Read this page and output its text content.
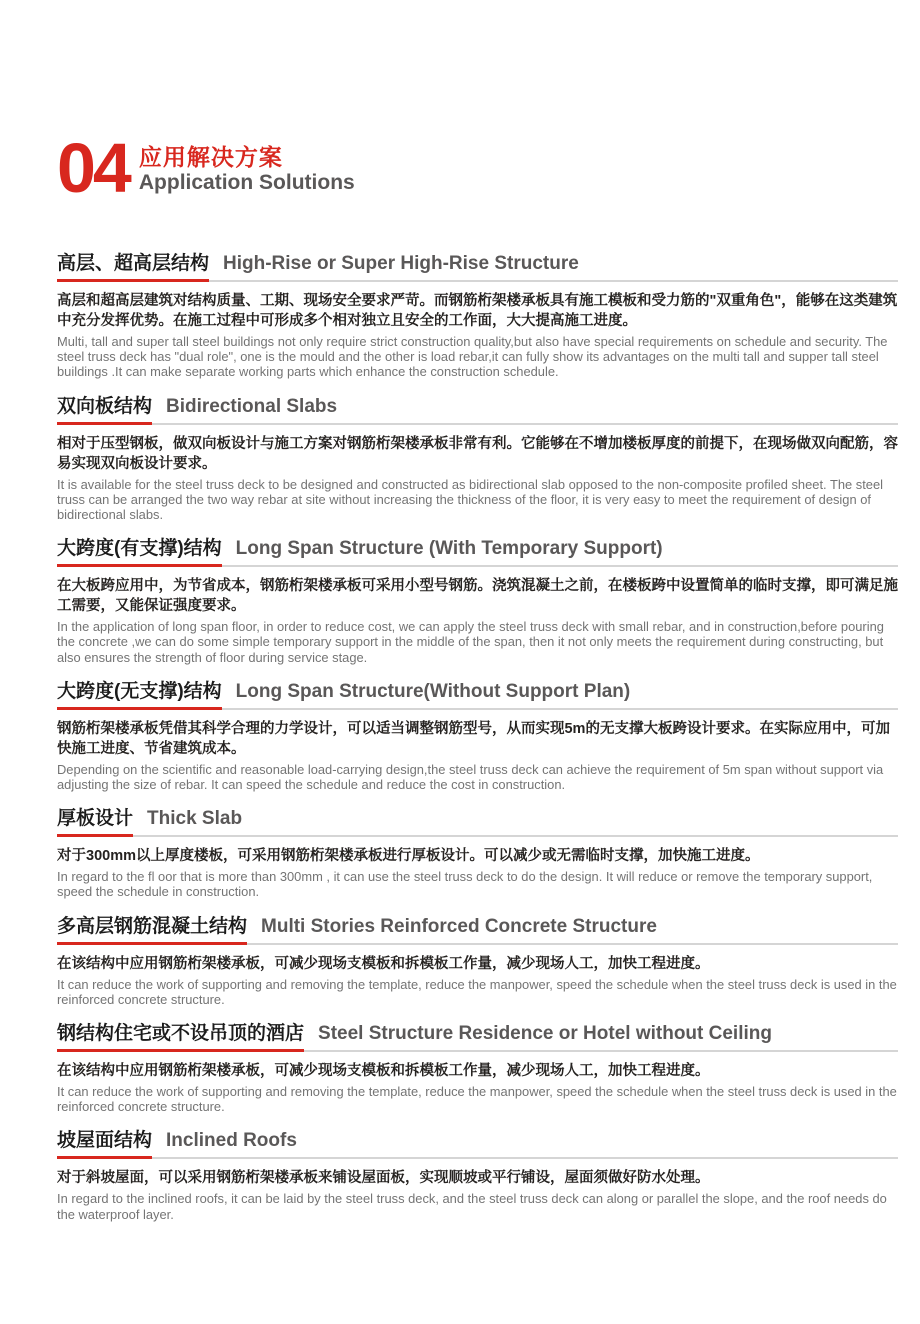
04 应用解决方案
Application Solutions
高层、超高层结构 High-Rise or Super High-Rise Structure

高层和超高层建筑对结构质量、工期、现场安全要求严苛。而钢筋桁架楼承板具有施工模板和受力筋的"双重角色"，能够在这类建筑中充分发挥优势。在施工过程中可形成多个相对独立且安全的工作面，大大提高施工进度。

Multi, tall and super tall steel buildings not only require strict construction quality,but also have special requirements on schedule and security. The steel truss deck has "dual role", one is the mould and the other is load rebar,it can fully show its advantages on the multi tall and supper tall steel buildings .It can make separate working parts which enhance the construction schedule.

双向板结构 Bidirectional Slabs

相对于压型钢板，做双向板设计与施工方案对钢筋桁架楼承板非常有利。它能够在不增加楼板厚度的前提下，在现场做双向配筋，容易实现双向板设计要求。

It is available for the steel truss deck to be designed and constructed as bidirectional slab opposed to the non-composite profiled sheet. The steel truss can be arranged the two way rebar at site without increasing the thickness of the floor, it is very easy to meet the requirement of design of bidirectional slabs.

大跨度(有支撑)结构 Long Span Structure (With Temporary Support)

在大板跨应用中，为节省成本，钢筋桁架楼承板可采用小型号钢筋。浇筑混凝土之前，在楼板跨中设置简单的临时支撑，即可满足施工需要，又能保证强度要求。

In the application of long span floor, in order to reduce cost, we can apply the steel truss deck with small rebar, and in construction,before pouring the concrete ,we can do some simple temporary support in the middle of the span, then it not only meets the requirement during constructing, but also ensures the strength of floor during service stage.

大跨度(无支撑)结构 Long Span Structure(Without Support Plan)

钢筋桁架楼承板凭借其科学合理的力学设计，可以适当调整钢筋型号，从而实现5m的无支撑大板跨设计要求。在实际应用中，可加快施工进度、节省建筑成本。

Depending on the scientific and reasonable load-carrying design,the steel truss deck can achieve the requirement of 5m span without support via adjusting the size of rebar. It can speed the schedule and reduce the cost in construction.

厚板设计 Thick Slab

对于300mm以上厚度楼板，可采用钢筋桁架楼承板进行厚板设计。可以减少或无需临时支撑，加快施工进度。

In regard to the fl oor that is more than 300mm , it can use the steel truss deck to do the design. It will reduce or remove the temporary support, speed the schedule in construction.

多高层钢筋混凝土结构 Multi Stories Reinforced Concrete Structure

在该结构中应用钢筋桁架楼承板，可减少现场支模板和拆模板工作量，减少现场人工，加快工程进度。

It can reduce the work of supporting and removing the template, reduce the manpower, speed the schedule when the steel truss deck is used in the reinforced concrete structure.

钢结构住宅或不设吊顶的酒店 Steel Structure Residence or Hotel without Ceiling

在该结构中应用钢筋桁架楼承板，可减少现场支模板和拆模板工作量，减少现场人工，加快工程进度。

It can reduce the work of supporting and removing the template, reduce the manpower, speed the schedule when the steel truss deck is used in the reinforced concrete structure.

坡屋面结构 Inclined Roofs

对于斜坡屋面，可以采用钢筋桁架楼承板来铺设屋面板，实现顺坡或平行铺设，屋面须做好防水处理。

In regard to the inclined roofs, it can be laid by the steel truss deck, and the steel truss deck can along or parallel the slope, and the roof needs do the waterproof layer.
